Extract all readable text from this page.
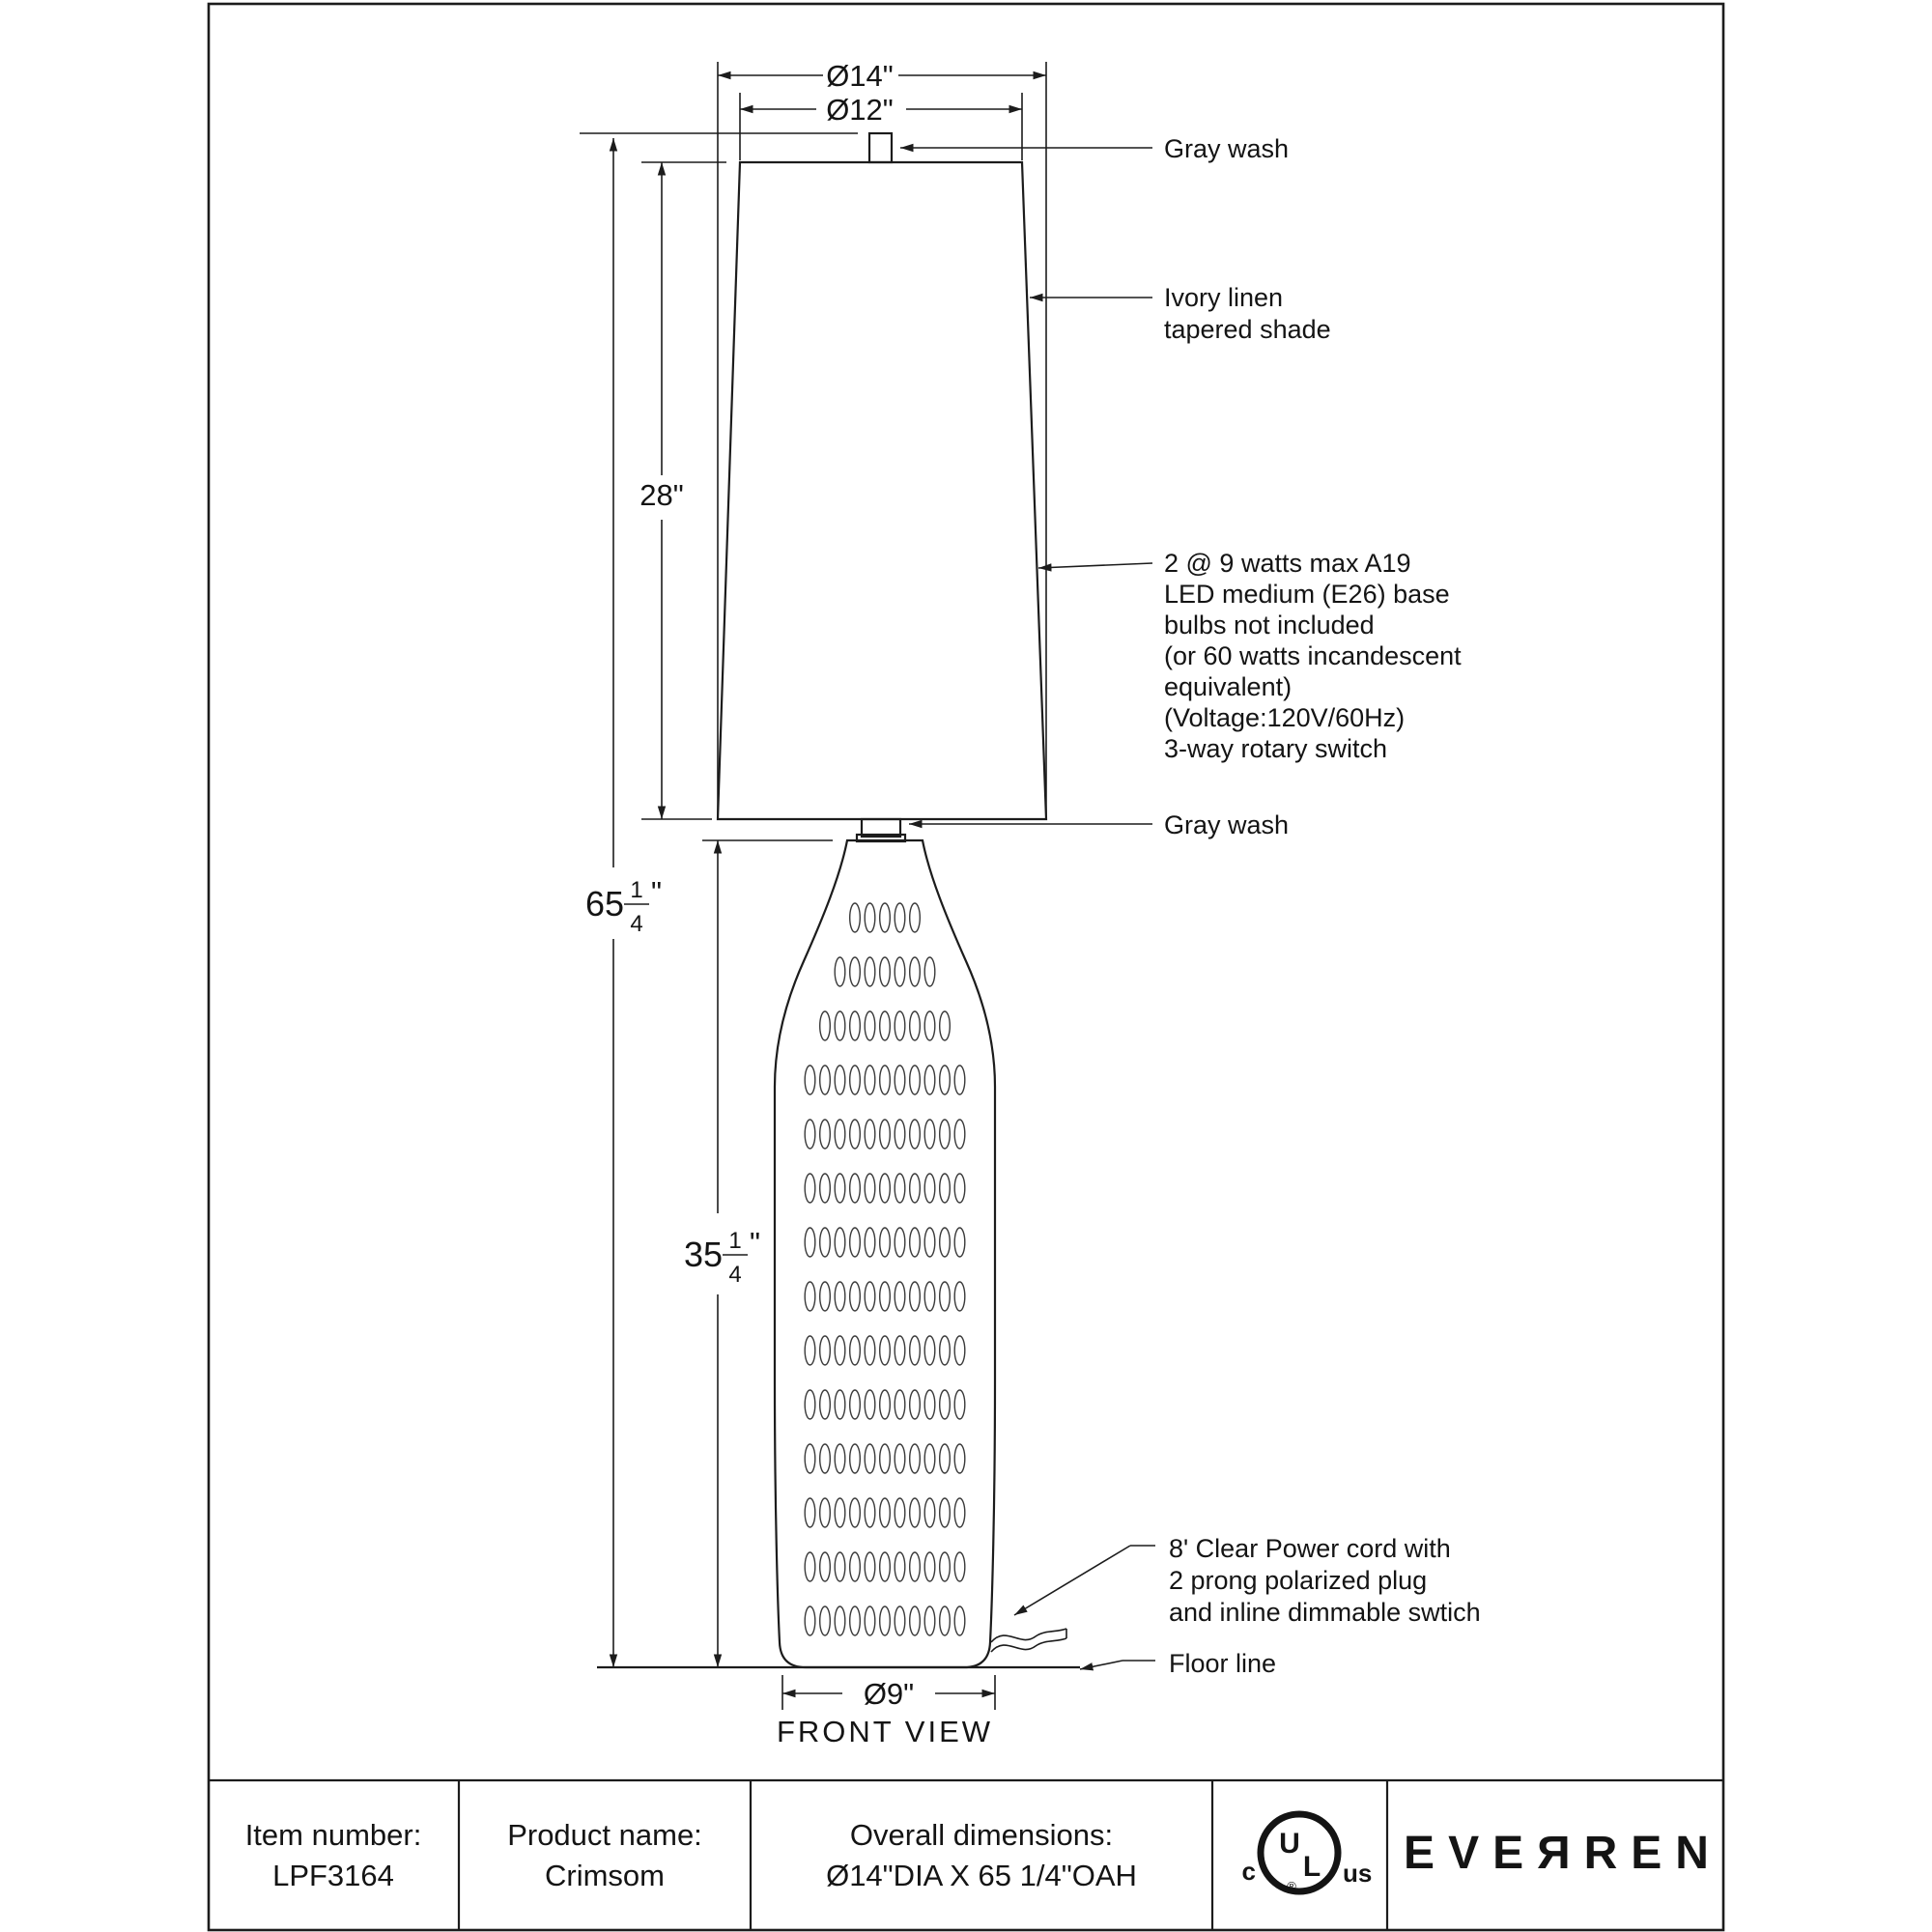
Ø14"
Ø12"
28"
65 1
4
"
35 1
4
"
Ø9"
Gray wash
Ivory linen
tapered shade
2 @ 9 watts max A19
LED medium (E26) base
bulbs not included
(or 60 watts incandescent
equivalent)
(Voltage:120V/60Hz)
3-way rotary switch
Gray wash
8' Clear Power cord with
2 prong polarized plug
and inline dimmable swtich
Floor line
FRONT VIEW
Item number:
LPF3164
Product name:
Crimsom
Overall dimensions:
Ø14"DIA X 65 1/4"OAH
U
L
c	us
®
EVEЯREN
